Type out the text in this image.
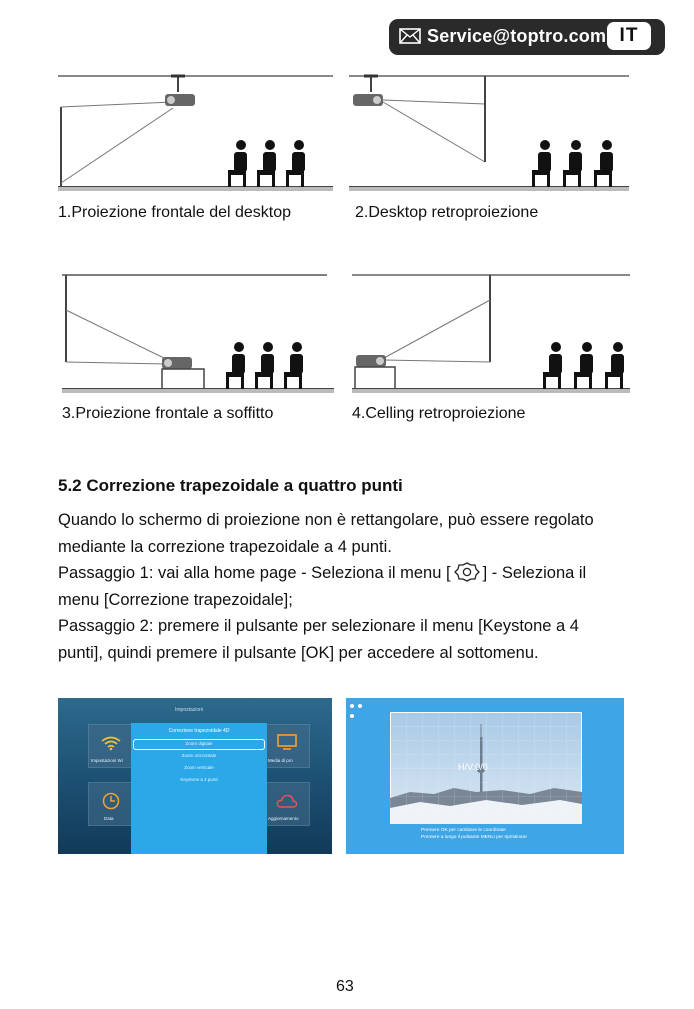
Service@toptro.com IT
1.Proiezione frontale del desktop	2.Desktop retroproiezione
3.Proiezione frontale a soffitto	4.Celling retroproiezione
5.2 Correzione trapezoidale a quattro punti

Quando lo schermo di proiezione non è rettangolare, può essere regolato

mediante la correzione trapezoidale a 4 punti.

Passaggio 1: vai alla home page - Seleziona il menu [ ] - Seleziona il

menu [Correzione trapezoidale];

Passaggio 2: premere il pulsante per selezionare il menu [Keystone a 4

punti], quindi premere il pulsante [OK] per accedere al sottomenu.

Impostazioni
Impostazioni Wi	Media di pro
Data	Aggiornamento
Correzione trapezoidale 4D
Zoom digitale
Zoom orizzontale
Zoom verticale
Keystone a 4 punti
H/V:0/0
Premere OK per cambiare le coordinate
Premere a lungo il pulsante MENU per ripristinare
63
